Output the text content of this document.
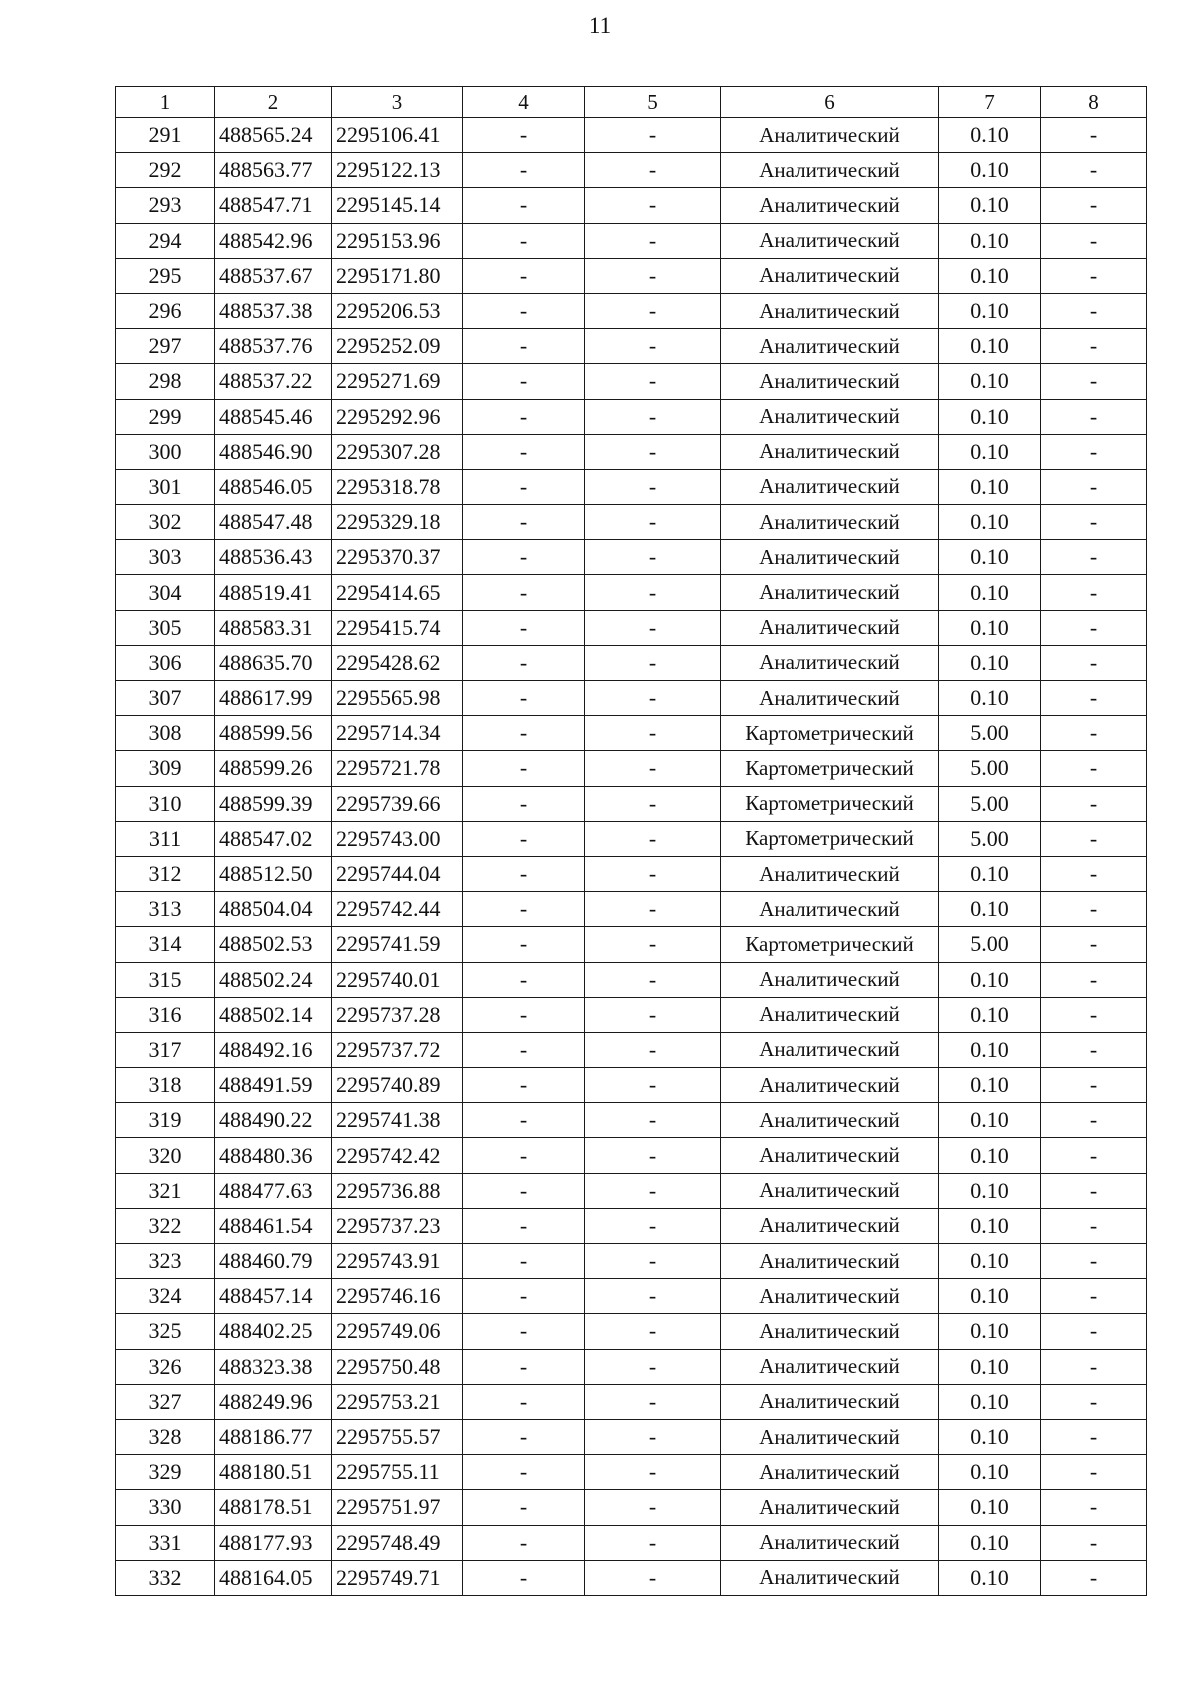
11
1	2	3	4	5	6	7	8
291	488565.24	2295106.41	-	-	Аналитический	0.10	-
292	488563.77	2295122.13	-	-	Аналитический	0.10	-
293	488547.71	2295145.14	-	-	Аналитический	0.10	-
294	488542.96	2295153.96	-	-	Аналитический	0.10	-
295	488537.67	2295171.80	-	-	Аналитический	0.10	-
296	488537.38	2295206.53	-	-	Аналитический	0.10	-
297	488537.76	2295252.09	-	-	Аналитический	0.10	-
298	488537.22	2295271.69	-	-	Аналитический	0.10	-
299	488545.46	2295292.96	-	-	Аналитический	0.10	-
300	488546.90	2295307.28	-	-	Аналитический	0.10	-
301	488546.05	2295318.78	-	-	Аналитический	0.10	-
302	488547.48	2295329.18	-	-	Аналитический	0.10	-
303	488536.43	2295370.37	-	-	Аналитический	0.10	-
304	488519.41	2295414.65	-	-	Аналитический	0.10	-
305	488583.31	2295415.74	-	-	Аналитический	0.10	-
306	488635.70	2295428.62	-	-	Аналитический	0.10	-
307	488617.99	2295565.98	-	-	Аналитический	0.10	-
308	488599.56	2295714.34	-	-	Картометрический	5.00	-
309	488599.26	2295721.78	-	-	Картометрический	5.00	-
310	488599.39	2295739.66	-	-	Картометрический	5.00	-
311	488547.02	2295743.00	-	-	Картометрический	5.00	-
312	488512.50	2295744.04	-	-	Аналитический	0.10	-
313	488504.04	2295742.44	-	-	Аналитический	0.10	-
314	488502.53	2295741.59	-	-	Картометрический	5.00	-
315	488502.24	2295740.01	-	-	Аналитический	0.10	-
316	488502.14	2295737.28	-	-	Аналитический	0.10	-
317	488492.16	2295737.72	-	-	Аналитический	0.10	-
318	488491.59	2295740.89	-	-	Аналитический	0.10	-
319	488490.22	2295741.38	-	-	Аналитический	0.10	-
320	488480.36	2295742.42	-	-	Аналитический	0.10	-
321	488477.63	2295736.88	-	-	Аналитический	0.10	-
322	488461.54	2295737.23	-	-	Аналитический	0.10	-
323	488460.79	2295743.91	-	-	Аналитический	0.10	-
324	488457.14	2295746.16	-	-	Аналитический	0.10	-
325	488402.25	2295749.06	-	-	Аналитический	0.10	-
326	488323.38	2295750.48	-	-	Аналитический	0.10	-
327	488249.96	2295753.21	-	-	Аналитический	0.10	-
328	488186.77	2295755.57	-	-	Аналитический	0.10	-
329	488180.51	2295755.11	-	-	Аналитический	0.10	-
330	488178.51	2295751.97	-	-	Аналитический	0.10	-
331	488177.93	2295748.49	-	-	Аналитический	0.10	-
332	488164.05	2295749.71	-	-	Аналитический	0.10	-
